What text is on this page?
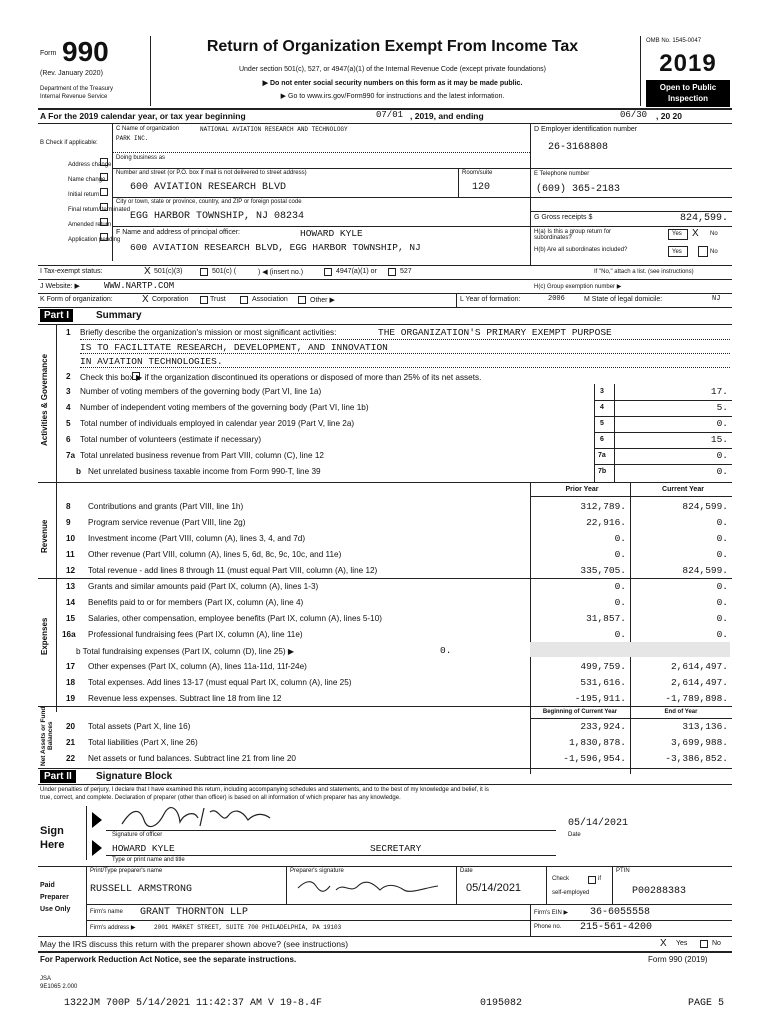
Form 990
(Rev. January 2020)
Department of the Treasury
Internal Revenue Service
Return of Organization Exempt From Income Tax
Under section 501(c), 527, or 4947(a)(1) of the Internal Revenue Code (except private foundations)
▶ Do not enter social security numbers on this form as it may be made public.
▶ Go to www.irs.gov/Form990 for instructions and the latest information.
OMB No. 1545-0047
2019
Open to Public
Inspection
A For the 2019 calendar year, or tax year beginning	07/01 , 2019, and ending	06/30 , 20 20
B Check if applicable:
Address change
Name change
Initial return
Final return/ terminated
Amended return
Application pending
C Name of organization	NATIONAL AVIATION RESEARCH AND TECHNOLOGY
PARK INC.
Doing business as
Number and street (or P.O. box if mail is not delivered to street address)	Room/suite
600 AVIATION RESEARCH BLVD	120
City or town, state or province, country, and ZIP or foreign postal code
EGG HARBOR TOWNSHIP, NJ 08234
F Name and address of principal officer:	HOWARD KYLE
600 AVIATION RESEARCH BLVD, EGG HARBOR TOWNSHIP, NJ
D Employer identification number
26-3168808
E Telephone number
(609) 365-2183
G Gross receipts $	824,599.
H(a) Is this a group return for subordinates?
Yes X No
H(b) Are all subordinates included?	Yes	No
I Tax-exempt status:	X 501(c)(3)	501(c) (	) ◀ (insert no.)	4947(a)(1) or	527	If "No," attach a list. (see instructions)
J Website: ▶	WWW.NARTP.COM	H(c) Group exemption number ▶
K Form of organization:	X Corporation	Trust	Association	Other ▶	L Year of formation:	2006	M State of legal domicile:	NJ
Part I	Summary
Activities & Governance
1 Briefly describe the organization's mission or most significant activities:	THE ORGANIZATION'S PRIMARY EXEMPT PURPOSE
IS TO FACILITATE RESEARCH, DEVELOPMENT, AND INNOVATION
IN AVIATION TECHNOLOGIES.
2 Check this box ▶ if the organization discontinued its operations or disposed of more than 25% of its net assets.
3 Number of voting members of the governing body (Part VI, line 1a)	3	17.
4 Number of independent voting members of the governing body (Part VI, line 1b)	4	5.
5 Total number of individuals employed in calendar year 2019 (Part V, line 2a)	5	0.
6 Total number of volunteers (estimate if necessary)	6	15.
7a Total unrelated business revenue from Part VIII, column (C), line 12	7a	0.
b Net unrelated business taxable income from Form 990-T, line 39	7b	0.
Prior Year	Current Year
Revenue
8 Contributions and grants (Part VIII, line 1h)	312,789.	824,599.
9 Program service revenue (Part VIII, line 2g)	22,916.	0.
10 Investment income (Part VIII, column (A), lines 3, 4, and 7d)	0.	0.
11 Other revenue (Part VIII, column (A), lines 5, 6d, 8c, 9c, 10c, and 11e)	0.	0.
12 Total revenue - add lines 8 through 11 (must equal Part VIII, column (A), line 12)	335,705.	824,599.
Expenses
13 Grants and similar amounts paid (Part IX, column (A), lines 1-3)	0.	0.
14 Benefits paid to or for members (Part IX, column (A), line 4)	0.	0.
15 Salaries, other compensation, employee benefits (Part IX, column (A), lines 5-10)	31,857.	0.
16a Professional fundraising fees (Part IX, column (A), line 11e)	0.	0.
b Total fundraising expenses (Part IX, column (D), line 25) ▶	0.
17 Other expenses (Part IX, column (A), lines 11a-11d, 11f-24e)	499,759.	2,614,497.
18 Total expenses. Add lines 13-17 (must equal Part IX, column (A), line 25)	531,616.	2,614,497.
19 Revenue less expenses. Subtract line 18 from line 12	-195,911.	-1,789,898.
Beginning of Current Year	End of Year
Net Assets or Fund Balances 20 Total assets (Part X, line 16)	233,924.	313,136.
21 Total liabilities (Part X, line 26)	1,830,878.	3,699,988.
22 Net assets or fund balances. Subtract line 21 from line 20	-1,596,954.	-3,386,852.
Part II	Signature Block
Under penalties of perjury, I declare that I have examined this return, including accompanying schedules and statements, and to the best of my knowledge and belief, it is
true, correct, and complete. Declaration of preparer (other than officer) is based on all information of which preparer has any knowledge.
Sign
Here
Signature of officer
05/14/2021
Date
HOWARD KYLE	SECRETARY
Type or print name and title
Paid
Preparer
Use Only
Print/Type preparer's name
RUSSELL ARMSTRONG
Preparer's signature	Date
05/14/2021
Check	if
self-employed
PTIN
P00288383
Firm's name GRANT THORNTON LLP	Firm's EIN ▶ 36-6055558
Firm's address ▶	2001 MARKET STREET, SUITE 700 PHILADELPHIA, PA 19103	Phone no. 215-561-4200
May the IRS discuss this return with the preparer shown above? (see instructions)	X Yes	No
For Paperwork Reduction Act Notice, see the separate instructions.	Form 990 (2019)
JSA
9E1065 2.000
1322JM 700P 5/14/2021 11:42:37 AM V 19-8.4F	0195082	PAGE 5
